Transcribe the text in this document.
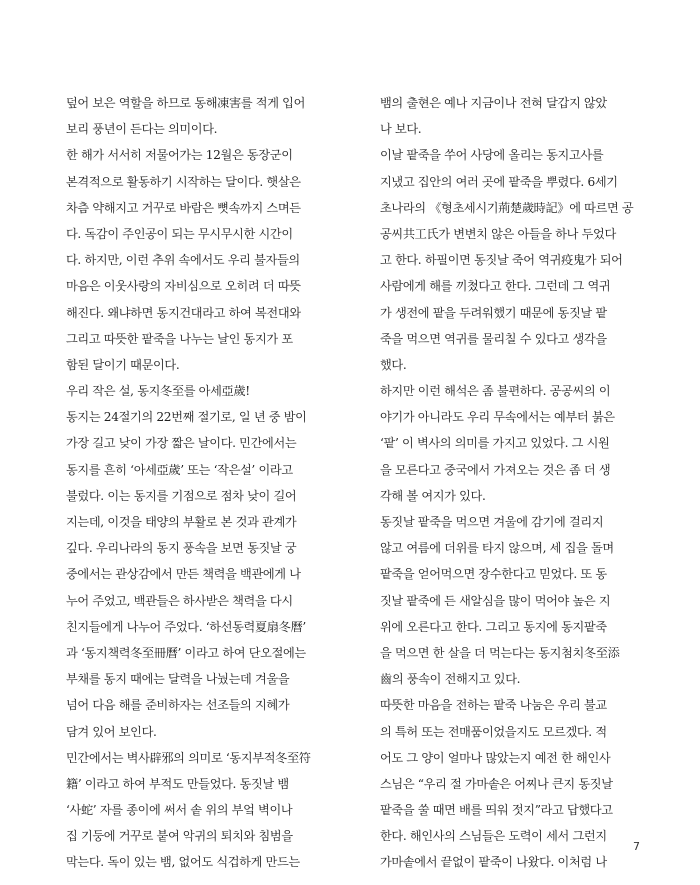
덮어 보은 역할을 하므로 동해凍害를 적게 입어
보리 풍년이 든다는 의미이다.
한 해가 서서히 저물어가는 12월은 동장군이
본격적으로 활동하기 시작하는 달이다. 햇살은
차츰 약해지고 거꾸로 바람은 뼛속까지 스며든
다. 독감이 주인공이 되는 무시무시한 시간이
다. 하지만, 이런 추위 속에서도 우리 불자들의
마음은 이웃사랑의 자비심으로 오히려 더 따뜻
해진다. 왜냐하면 동지건대라고 하여 복전대와
그리고 따뜻한 팥죽을 나누는 날인 동지가 포
함된 달이기 때문이다.
우리 작은 설, 동지冬至를 아세亞歲!
동지는 24절기의 22번째 절기로, 일 년 중 밤이
가장 길고 낮이 가장 짧은 날이다. 민간에서는
동지를 흔히 ‘아세亞歲’ 또는 ‘작은설’ 이라고
불렀다. 이는 동지를 기점으로 점차 낮이 길어
지는데, 이것을 태양의 부활로 본 것과 관계가
깊다. 우리나라의 동지 풍속을 보면 동짓날 궁
중에서는 관상감에서 만든 책력을 백관에게 나
누어 주었고, 백관들은 하사받은 책력을 다시
친지들에게 나누어 주었다. ‘하선동력夏扇冬曆’
과 ‘동지책력冬至冊曆’ 이라고 하여 단오절에는
부채를 동지 때에는 달력을 나눴는데 겨울을
넘어 다음 해를 준비하자는 선조들의 지혜가
담겨 있어 보인다.
민간에서는 벽사辟邪의 의미로 ‘동지부적冬至符
籍’ 이라고 하여 부적도 만들었다. 동짓날 뱀
‘사蛇’ 자를 종이에 써서 솥 위의 부엌 벽이나
집 기둥에 거꾸로 붙여 악귀의 퇴치와 침범을
막는다. 독이 있는 뱀, 없어도 식겁하게 만드는
뱀의 출현은 예나 지금이나 전혀 달갑지 않았
나 보다.
이날 팥죽을 쑤어 사당에 올리는 동지고사를
지냈고 집안의 여러 곳에 팥죽을 뿌렸다. 6세기
초나라의 《형초세시기荊楚歲時記》에 따르면 공
공씨共工氏가 변변치 않은 아들을 하나 두었다
고 한다. 하필이면 동짓날 죽어 역귀疫鬼가 되어
사람에게 해를 끼쳤다고 한다. 그런데 그 역귀
가 생전에 팥을 두려워했기 때문에 동짓날 팥
죽을 먹으면 역귀를 물리칠 수 있다고 생각을
했다.
하지만 이런 해석은 좀 불편하다. 공공씨의 이
야기가 아니라도 우리 무속에서는 예부터 붉은
‘팥’ 이 벽사의 의미를 가지고 있었다. 그 시원
을 모른다고 중국에서 가져오는 것은 좀 더 생
각해 볼 여지가 있다.
동짓날 팥죽을 먹으면 겨울에 감기에 걸리지
않고 여름에 더위를 타지 않으며, 세 집을 돌며
팥죽을 얻어먹으면 장수한다고 믿었다. 또 동
짓날 팥죽에 든 새알심을 많이 먹어야 높은 지
위에 오른다고 한다. 그리고 동지에 동지팥죽
을 먹으면 한 살을 더 먹는다는 동지첨치冬至添
齒의 풍속이 전해지고 있다.
따뜻한 마음을 전하는 팥죽 나눔은 우리 불교
의 특허 또는 전매품이었을지도 모르겠다. 적
어도 그 양이 얼마나 많았는지 예전 한 해인사
스님은 “우리 절 가마솥은 어찌나 큰지 동짓날
팥죽을 쑬 때면 배를 띄워 젓지”라고 답했다고
한다. 해인사의 스님들은 도력이 세서 그런지
가마솥에서 끝없이 팥죽이 나왔다. 이처럼 나
7
